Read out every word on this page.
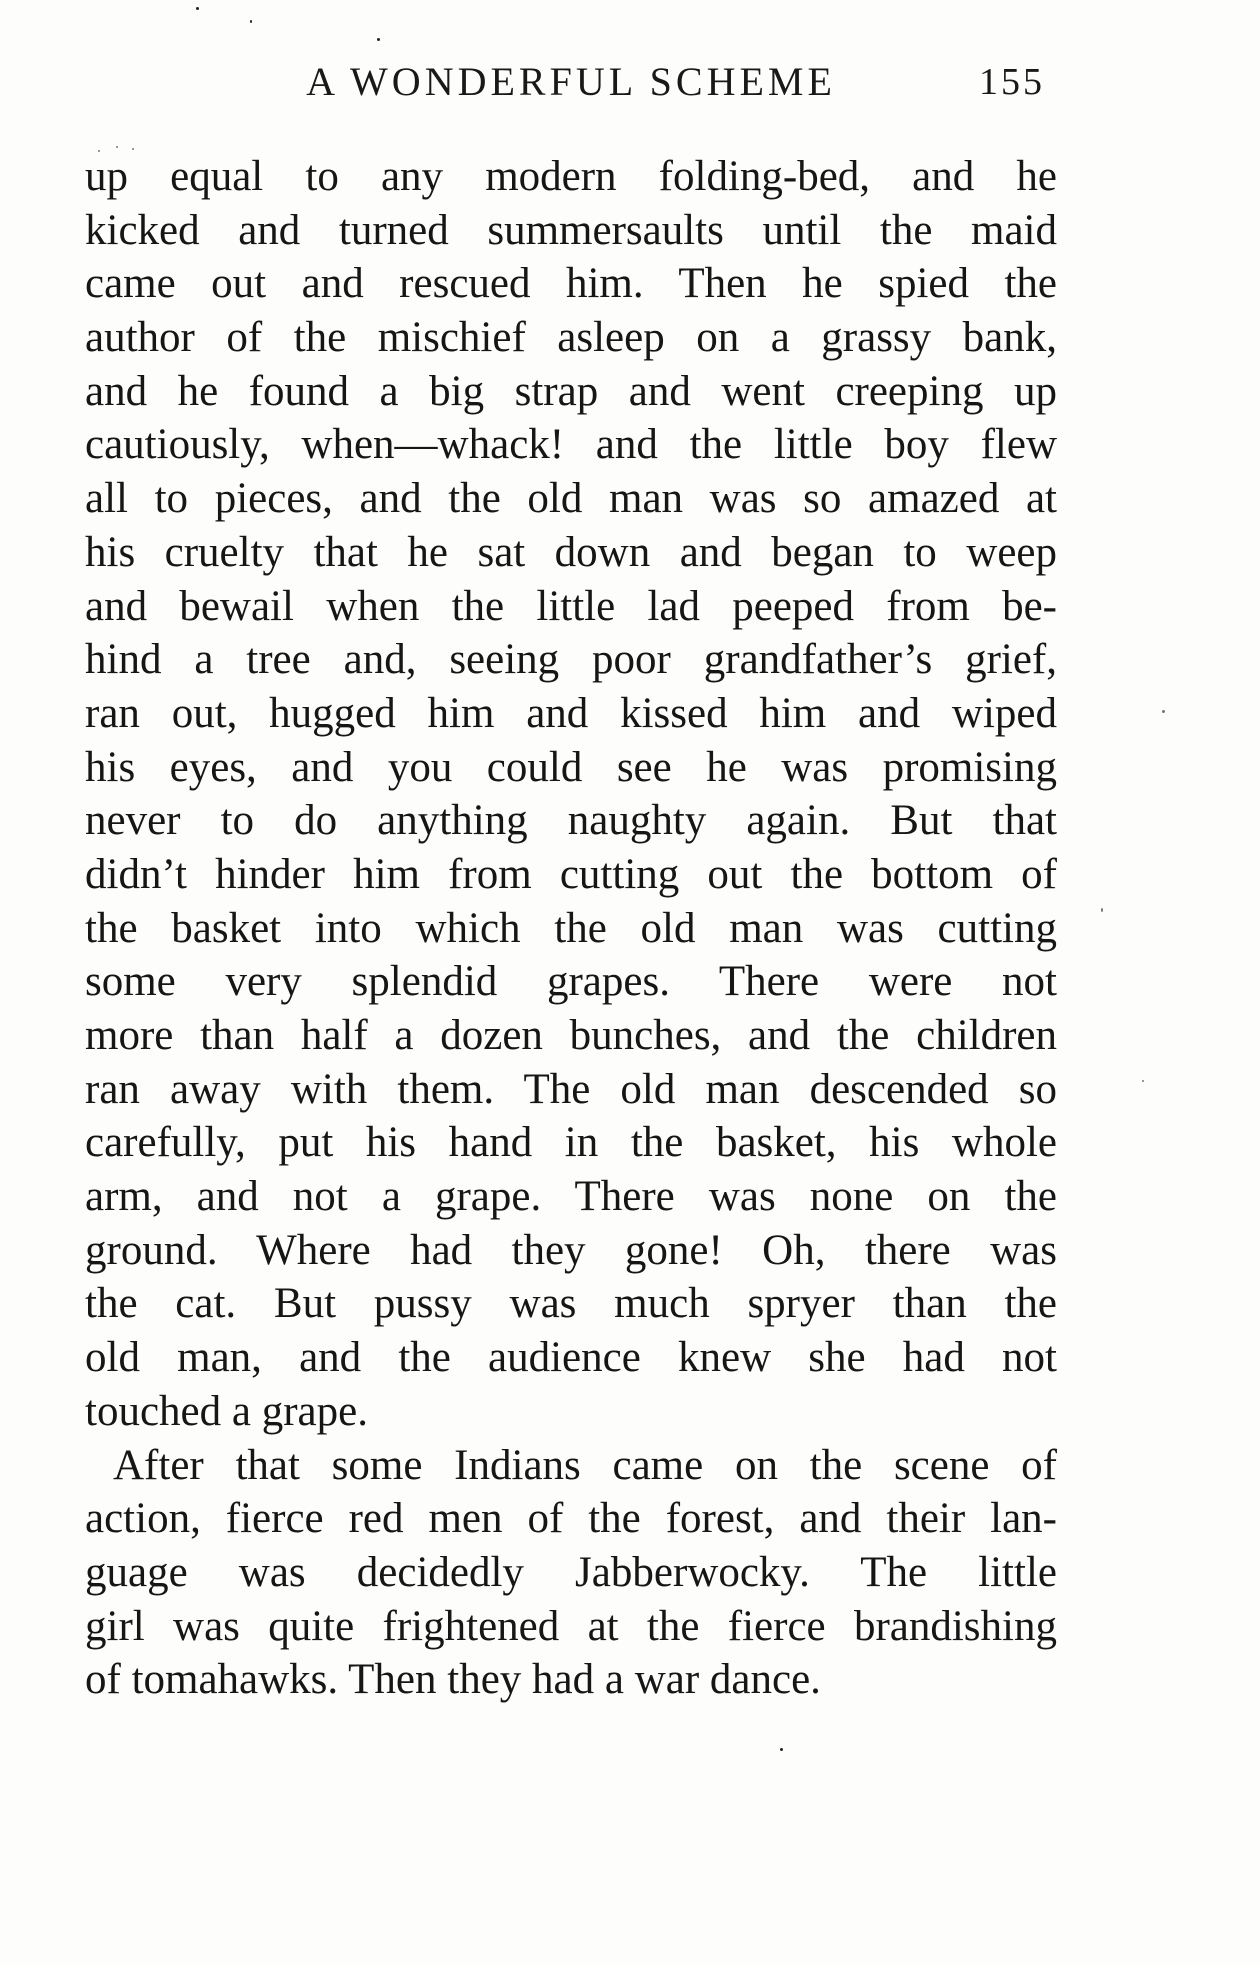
A WONDERFUL SCHEME	155
up equal to any modern folding-bed, and he
kicked and turned summersaults until the maid
came out and rescued him. Then he spied the
author of the mischief asleep on a grassy bank,
and he found a big strap and went creeping up
cautiously, when—whack! and the little boy flew
all to pieces, and the old man was so amazed at
his cruelty that he sat down and began to weep
and bewail when the little lad peeped from be-
hind a tree and, seeing poor grandfather’s grief,
ran out, hugged him and kissed him and wiped
his eyes, and you could see he was promising
never to do anything naughty again. But that
didn’t hinder him from cutting out the bottom of
the basket into which the old man was cutting
some very splendid grapes. There were not
more than half a dozen bunches, and the children
ran away with them. The old man descended so
carefully, put his hand in the basket, his whole
arm, and not a grape. There was none on the
ground. Where had they gone! Oh, there was
the cat. But pussy was much spryer than the
old man, and the audience knew she had not
touched a grape.
After that some Indians came on the scene of
action, fierce red men of the forest, and their lan-
guage was decidedly Jabberwocky. The little
girl was quite frightened at the fierce brandishing
of tomahawks. Then they had a war dance.
